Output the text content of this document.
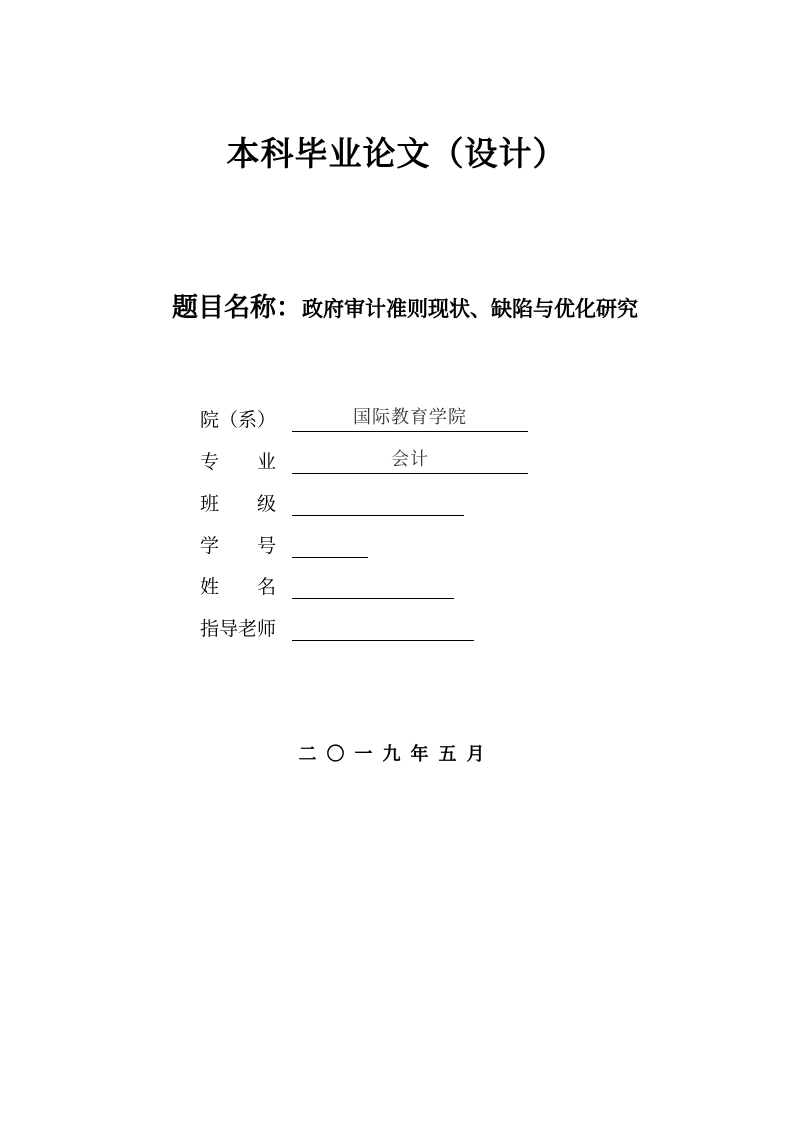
本科毕业论文（设计）
题目名称：政府审计准则现状、缺陷与优化研究
院（系）	国际教育学院
专　　业	会计
班　　级
学　　号
姓　　名
指导老师
二〇一九年五月
